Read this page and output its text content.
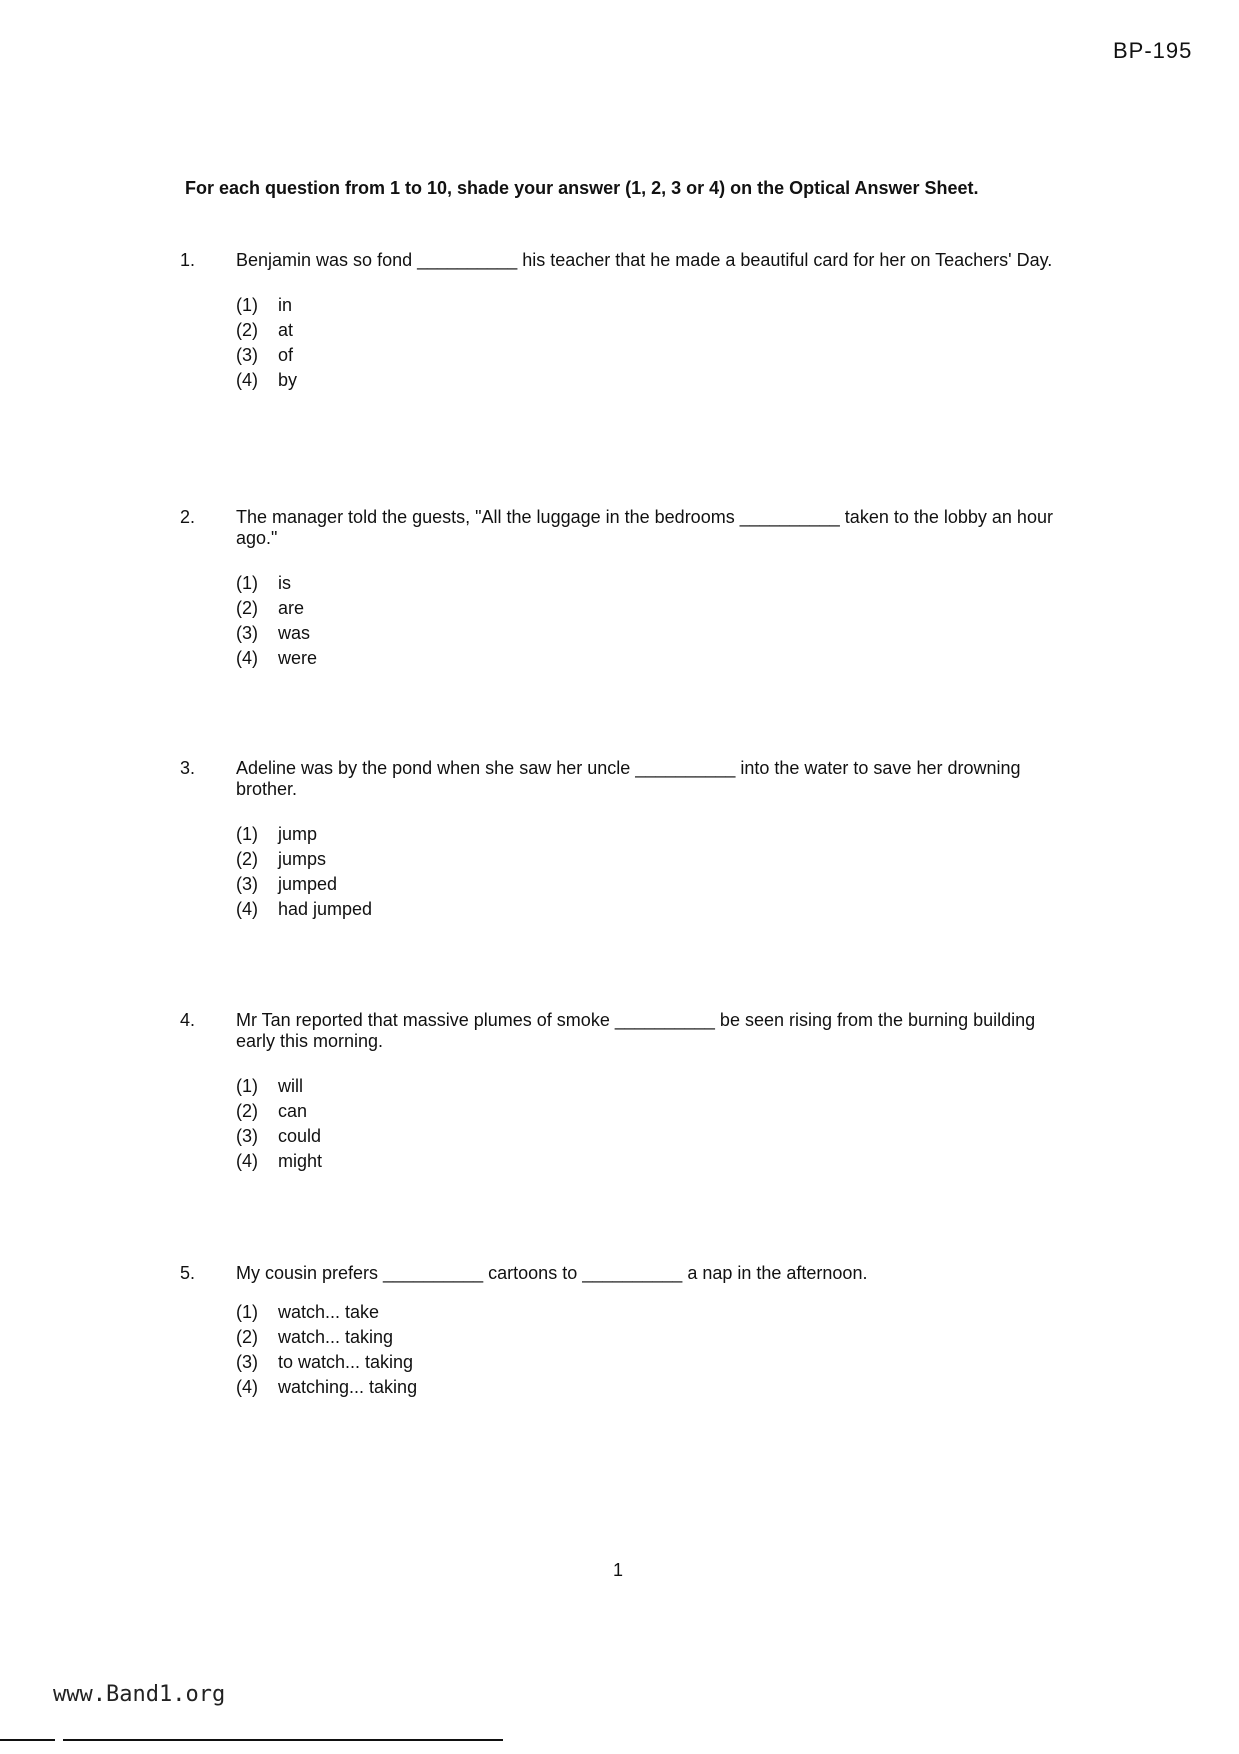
BP-195
For each question from 1 to 10, shade your answer (1, 2, 3 or 4) on the Optical Answer Sheet.
1. Benjamin was so fond __________ his teacher that he made a beautiful card for her on Teachers' Day.
(1) in
(2) at
(3) of
(4) by
2. The manager told the guests, "All the luggage in the bedrooms __________ taken to the lobby an hour ago."
(1) is
(2) are
(3) was
(4) were
3. Adeline was by the pond when she saw her uncle __________ into the water to save her drowning brother.
(1) jump
(2) jumps
(3) jumped
(4) had jumped
4. Mr Tan reported that massive plumes of smoke __________ be seen rising from the burning building early this morning.
(1) will
(2) can
(3) could
(4) might
5. My cousin prefers __________ cartoons to __________ a nap in the afternoon.
(1) watch... take
(2) watch... taking
(3) to watch... taking
(4) watching... taking
1
www.Band1.org
